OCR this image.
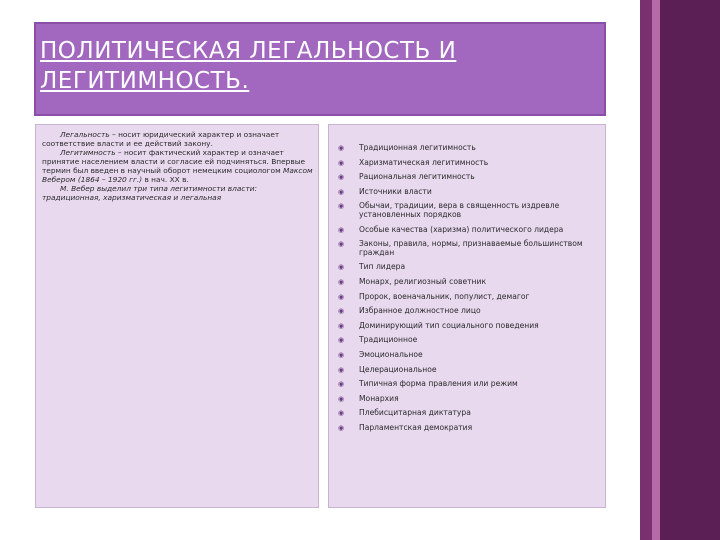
ПОЛИТИЧЕСКАЯ ЛЕГАЛЬНОСТЬ И ЛЕГИТИМНОСТЬ.

Легальность – носит юридический характер и означает соответствие власти и ее действий закону.

Легитимность – носит фактический характер и означает принятие населением власти и согласие ей подчиняться. Впервые термин был введен в научный оборот немецким социологом Максом Вебером (1864 – 1920 гг.) в нач. XX в.

М. Вебер выделил три типа легитимности власти: традиционная, харизматическая и легальная

◉	Традиционная легитимность
◉	Харизматическая легитимность
◉	Рациональная легитимность
◉	Источники власти
◉	Обычаи, традиции, вера в священность издревле установленных порядков
◉	Особые качества (харизма) политического лидера
◉	Законы, правила, нормы, признаваемые большинством граждан
◉	Тип лидера
◉	Монарх, религиозный советник
◉	Пророк, военачальник, популист, демагог
◉	Избранное должностное лицо
◉	Доминирующий тип социального поведения
◉	Традиционное
◉	Эмоциональное
◉	Целерациональное
◉	Типичная форма правления или режим
◉	Монархия
◉	Плебисцитарная диктатура
◉	Парламентская демократия
